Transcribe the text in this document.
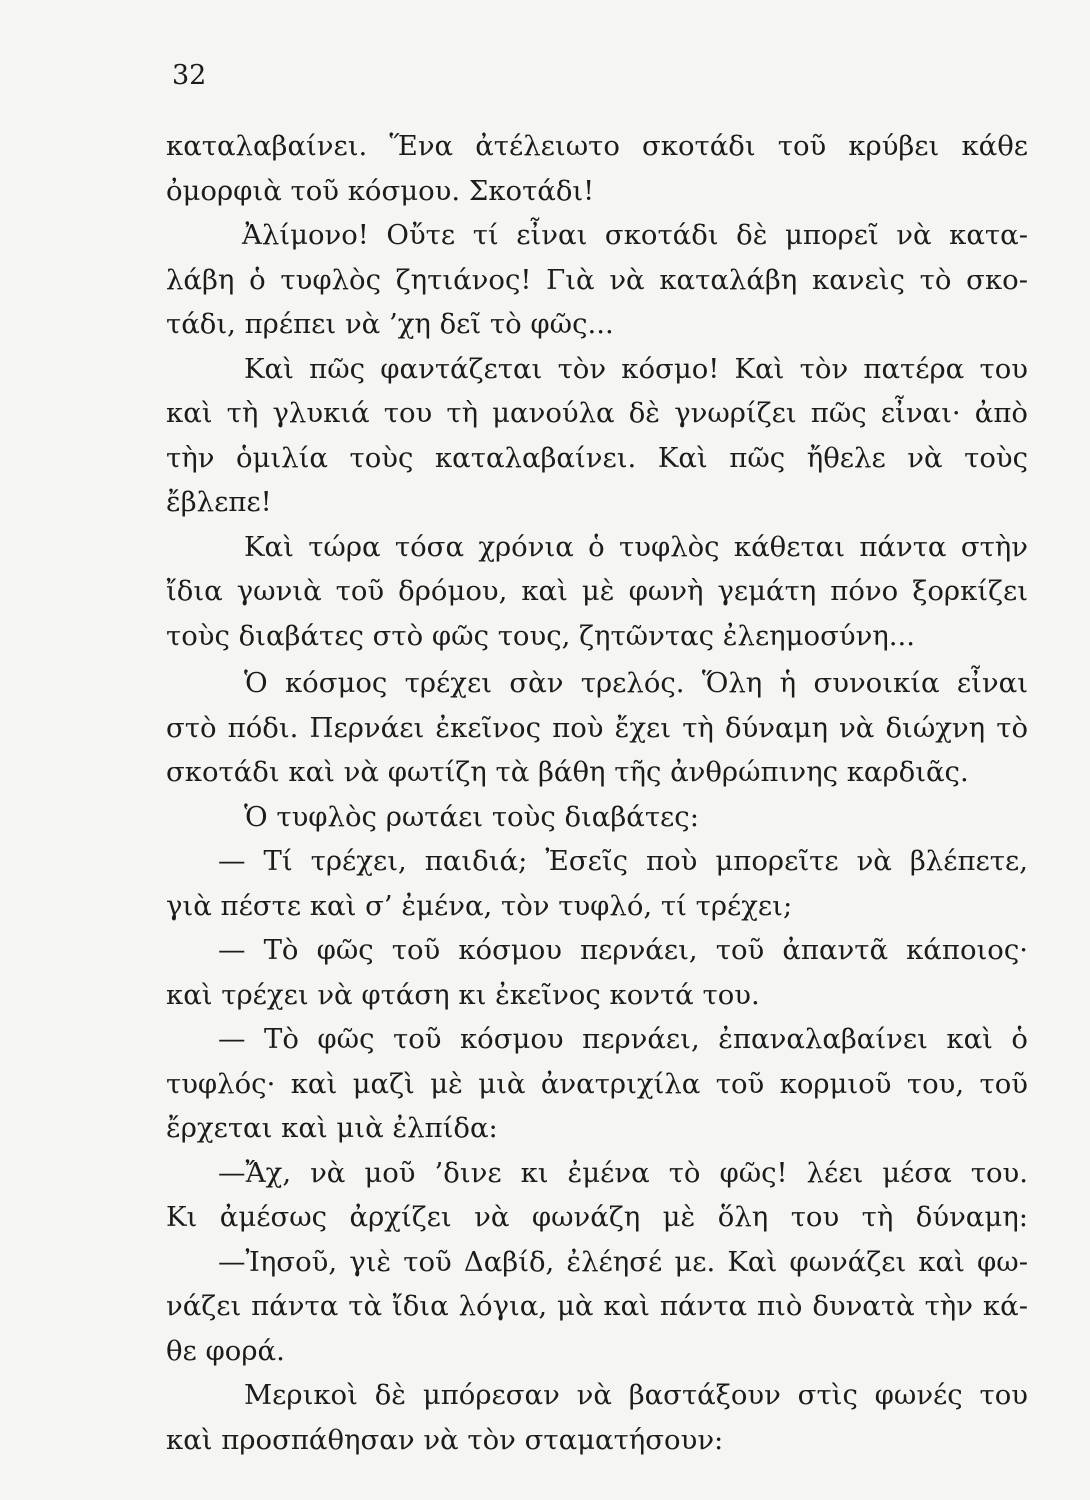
32
καταλαβαίνει. Ἕνα ἀτέλειωτο σκοτάδι τοῦ κρύβει κάθε
ὀμορφιὰ τοῦ κόσμου. Σκοτάδι!
Ἀλίμονο! Οὔτε τί εἶναι σκοτάδι δὲ μπορεῖ νὰ κατα-
λάβη ὁ τυφλὸς ζητιάνος! Γιὰ νὰ καταλάβη κανεὶς τὸ σκο-
τάδι, πρέπει νὰ ’χη δεῖ τὸ φῶς...
Καὶ πῶς φαντάζεται τὸν κόσμο! Καὶ τὸν πατέρα του
καὶ τὴ γλυκιά του τὴ μανούλα δὲ γνωρίζει πῶς εἶναι· ἀπὸ
τὴν ὁμιλία τοὺς καταλαβαίνει. Καὶ πῶς ἤθελε νὰ τοὺς
ἔβλεπε!
Καὶ τώρα τόσα χρόνια ὁ τυφλὸς κάθεται πάντα στὴν
ἴδια γωνιὰ τοῦ δρόμου, καὶ μὲ φωνὴ γεμάτη πόνο ξορκίζει
τοὺς διαβάτες στὸ φῶς τους, ζητῶντας ἐλεημοσύνη...
Ὁ κόσμος τρέχει σὰν τρελός. Ὅλη ἡ συνοικία εἶναι
στὸ πόδι. Περνάει ἐκεῖνος ποὺ ἔχει τὴ δύναμη νὰ διώχνη τὸ
σκοτάδι καὶ νὰ φωτίζη τὰ βάθη τῆς ἀνθρώπινης καρδιᾶς.
Ὁ τυφλὸς ρωτάει τοὺς διαβάτες:
— Τί τρέχει, παιδιά; Ἐσεῖς ποὺ μπορεῖτε νὰ βλέπετε,
γιὰ πέστε καὶ σ’ ἐμένα, τὸν τυφλό, τί τρέχει;
— Τὸ φῶς τοῦ κόσμου περνάει, τοῦ ἀπαντᾶ κάποιος·
καὶ τρέχει νὰ φτάση κι ἐκεῖνος κοντά του.
— Τὸ φῶς τοῦ κόσμου περνάει, ἐπαναλαβαίνει καὶ ὁ
τυφλός· καὶ μαζὶ μὲ μιὰ ἀνατριχίλα τοῦ κορμιοῦ του, τοῦ
ἔρχεται καὶ μιὰ ἐλπίδα:
—Ἄχ, νὰ μοῦ ’δινε κι ἐμένα τὸ φῶς! λέει μέσα του.
Κι ἀμέσως ἀρχίζει νὰ φωνάζη μὲ ὅλη του τὴ δύναμη:
—Ἰησοῦ, γιὲ τοῦ Δαβίδ, ἐλέησέ με. Καὶ φωνάζει καὶ φω-
νάζει πάντα τὰ ἴδια λόγια, μὰ καὶ πάντα πιὸ δυνατὰ τὴν κά-
θε φορά.
Μερικοὶ δὲ μπόρεσαν νὰ βαστάξουν στὶς φωνές του
καὶ προσπάθησαν νὰ τὸν σταματήσουν:
